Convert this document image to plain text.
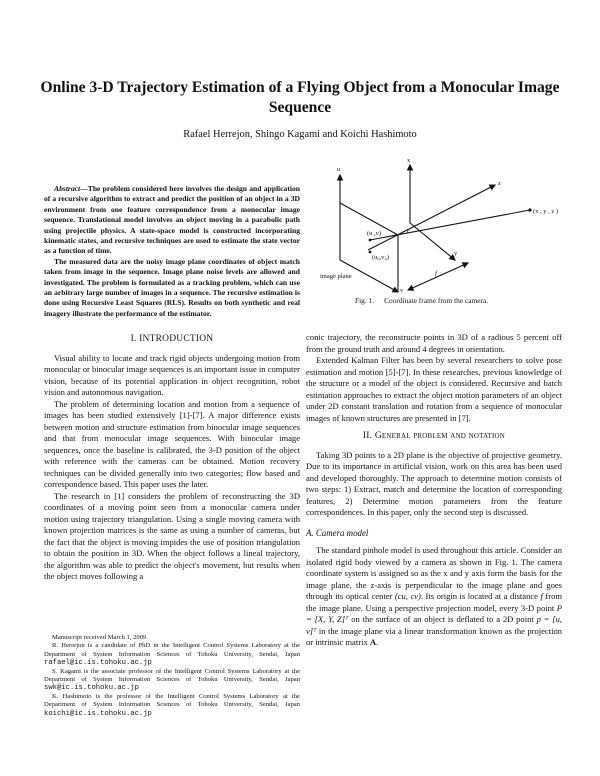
Online 3-D Trajectory Estimation of a Flying Object from a Monocular Image Sequence
Rafael Herrejon, Shingo Kagami and Koichi Hashimoto

Abstract—The problem considered here involves the design and application of a recursive algorithm to extract and predict the position of an object in a 3D environment from one feature correspondence from a monocular image sequence. Translational model involves an object moving in a parabolic path using projectile physics. A state-space model is constructed incorporating kinematic states, and recursive techniques are used to estimate the state vector as a function of time.

The measured data are the noisy image plane coordinates of object match taken from image in the sequence. Image plane noise levels are allowed and investigated. The problem is formulated as a tracking problem, which can use an arbitrary large number of images in a sequence. The recursive estimation is done using Recursive Least Squares (RLS). Results on both synthetic and real imagery illustrate the performance of the estimator.

I. INTRODUCTION

Visual ability to locate and track rigid objects undergoing motion from monocular or binocular image sequences is an important issue in computer vision, because of its potential application in object recognition, robot vision and autonomous navigation.

The problem of determining location and motion from a sequence of images has been studied extensively [1]-[7]. A major difference exists between motion and structure estimation from binocular image sequences and that from monocular image sequences. With binocular image sequences, once the baseline is calibrated, the 3-D position of the object with reference with the cameras can be obtained. Motion recovery techniques can be divided generally into two categories; flow based and correspondence based. This paper uses the later.

The research in [1] considers the problem of reconstructing the 3D coordinates of a moving point seen from a monocular camera under motion using trajectory triangulation. Using a single moving camera with known projection matrices is the same as using a number of cameras, but the fact that the object is moving impides the use of position triangulation to obtain the position in 3D. When the object follows a lineal trajectory, the algorithm was able to predict the object's movement, but results when the object moves following a

Manuscript received March 1, 2009

R. Herrejon is a candidate of PhD in the Intelligent Control Systems Laboratory at the Department of System Information Sciences of Tohoku University, Sendai, Japan rafael@ic.is.tohoku.ac.jp

S. Kagami is the associate professor of the Intelligent Control Systems Laboratory at the Department of System Information Sciences of Tohoku University, Sendai, Japan swk@ic.is.tohoku.ac.jp

K. Hashimoto is the professor of the Intelligent Control Systems Laboratory at the Department of System Information Sciences of Tohoku University, Sendai, Japan koichi@ic.is.tohoku.ac.jp

x
u
z
(x , y , z )
(u ,v)	c
(u₀,v₀)
y
image plane
v
f
Fig. 1. Coordinate frame from the camera.

conic trajectory, the reconstructe points in 3D of a radious 5 percent off from the ground truth and around 4 degrees in orientation.

Extended Kalman Filter has been by several researchers to solve pose estimation and motion [5]-[7]. In these researches, previous knowledge of the structure or a model of the object is considered. Recursive and batch estimation approaches to extract the object motion parameters of an object under 2D constant translation and rotation from a sequence of monocular images of known structures are presented in [7].

II. General problem and notation

Taking 3D points to a 2D plane is the objective of projective geometry. Due to its importance in artificial vision, work on this area has been used and developed thoroughly. The approach to determine motion consists of two steps: 1) Extract, match and determine the location of corresponding features, 2) Determine motion parameters from the feature correspondences. In this paper, only the second step is discussed.

A. Camera model

The standard pinhole model is used throughout this article. Consider an isolated rigid body viewed by a camera as shown in Fig. 1. The camera coordinate system is assigned so as the x and y axis form the basis for the image plane, the z-axis is perpendicular to the image plane and goes through its optical center (cu, cv). Its origin is located at a distance f from the image plane. Using a perspective projection model, every 3-D point P = [X, Y, Z]ᵀ on the surface of an object is deflated to a 2D point p = [u, v]ᵀ in the image plane via a linear transformation known as the projection or intrinsic matrix A.
